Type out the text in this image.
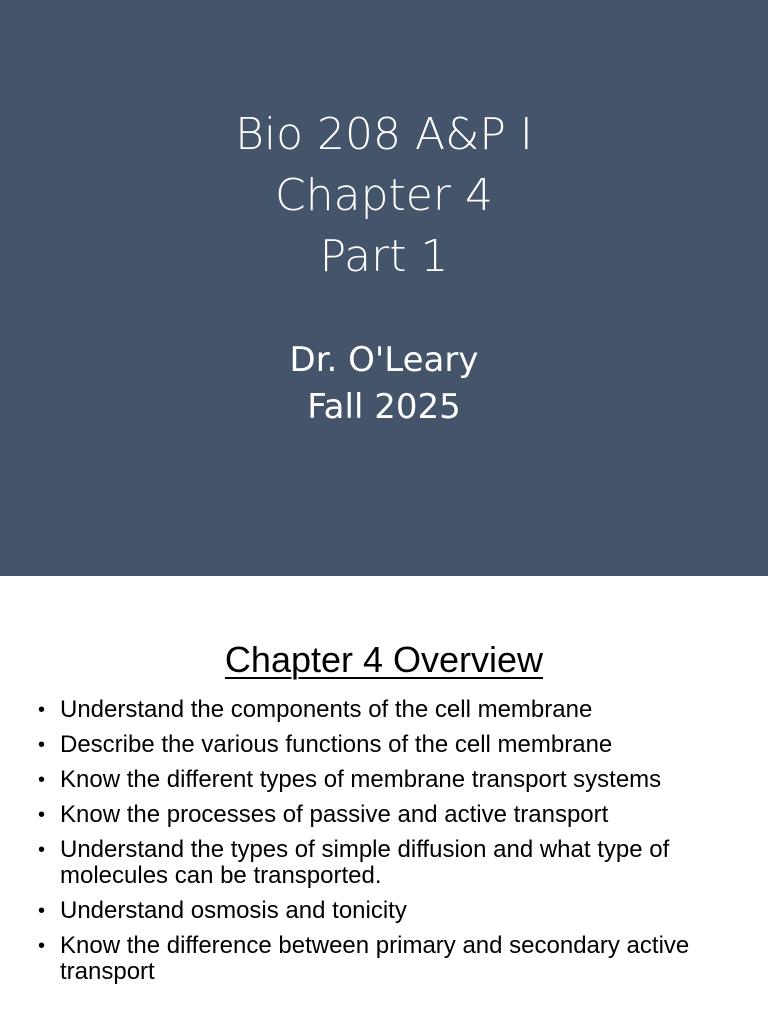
Bio 208 A&P I
Chapter 4
Part 1
Dr. O'Leary
Fall 2025
Chapter 4 Overview
• Understand the components of the cell membrane
• Describe the various functions of the cell membrane
• Know the different types of membrane transport systems
• Know the processes of passive and active transport
• Understand the types of simple diffusion and what type of molecules can be transported.
• Understand osmosis and tonicity
• Know the difference between primary and secondary active transport
